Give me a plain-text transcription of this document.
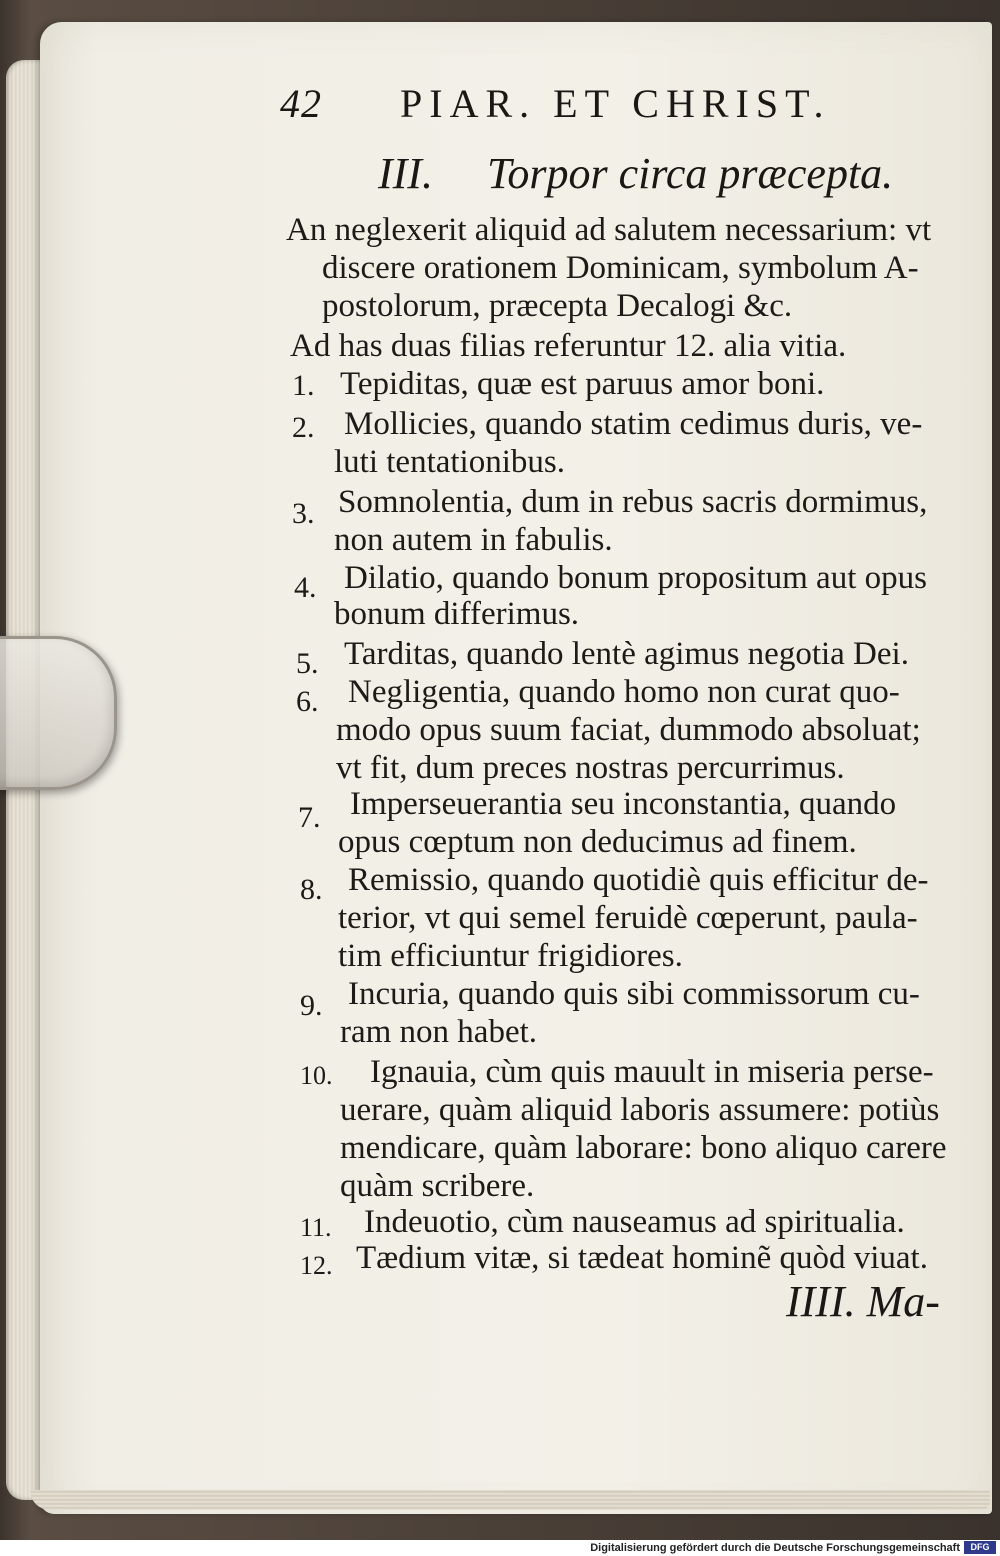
42 PIAR. ET CHRIST.
III. Torpor circa præcepta.
An neglexerit aliquid ad salutem necessarium: vt
discere orationem Dominicam, symbolum A-
postolorum, præcepta Decalogi &c.
Ad has duas filias referuntur 12. alia vitia.
1. Tepiditas, quæ est paruus amor boni.
2. Mollicies, quando statim cedimus duris, ve-
luti tentationibus.
3. Somnolentia, dum in rebus sacris dormimus,
non autem in fabulis.
4. Dilatio, quando bonum propositum aut opus
bonum differimus.
5. Tarditas, quando lentè agimus negotia Dei.
6. Negligentia, quando homo non curat quo-
modo opus suum faciat, dummodo absoluat;
vt fit, dum preces nostras percurrimus.
7. Imperseuerantia seu inconstantia, quando
opus cœptum non deducimus ad finem.
8. Remissio, quando quotidiè quis efficitur de-
terior, vt qui semel feruidè cœperunt, paula-
tim efficiuntur frigidiores.
9. Incuria, quando quis sibi commissorum cu-
ram non habet.
10. Ignauia, cùm quis mauult in miseria perse-
uerare, quàm aliquid laboris assumere: potiùs
mendicare, quàm laborare: bono aliquo carere
quàm scribere.
11. Indeuotio, cùm nauseamus ad spiritualia.
12. Tædium vitæ, si tædeat hominẽ quòd viuat.
IIII. Ma-
Digitalisierung gefördert durch die Deutsche Forschungsgemeinschaft	DFG
